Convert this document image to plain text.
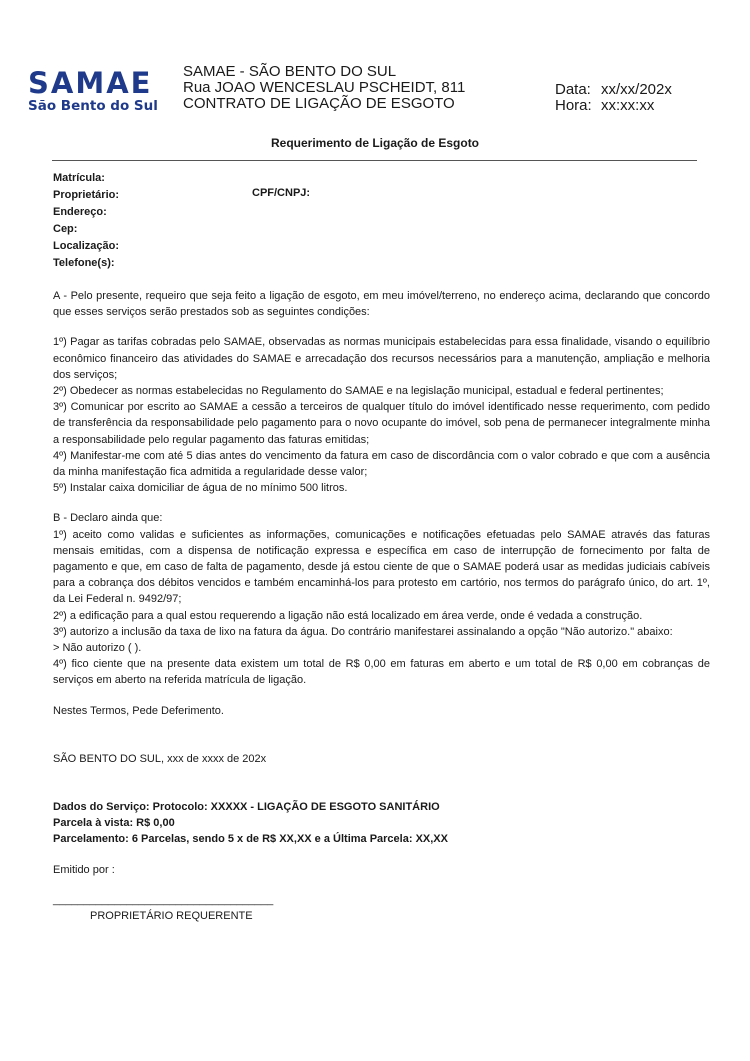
SAMAE
São Bento do Sul
SAMAE - SÃO BENTO DO SUL
Rua JOAO WENCESLAU PSCHEIDT, 811
CONTRATO DE LIGAÇÃO DE ESGOTO
Data: xx/xx/202x
Hora: xx:xx:xx
Requerimento de Ligação de Esgoto
Matrícula:
Proprietário:
Endereço:
Cep:
Localização:
Telefone(s):
CPF/CNPJ:

A - Pelo presente, requeiro que seja feito a ligação de esgoto, em meu imóvel/terreno, no endereço acima, declarando que concordo que esses serviços serão prestados sob as seguintes condições:

1º) Pagar as tarifas cobradas pelo SAMAE, observadas as normas municipais estabelecidas para essa finalidade, visando o equilíbrio econômico financeiro das atividades do SAMAE e arrecadação dos recursos necessários para a manutenção, ampliação e melhoria dos serviços;

2º) Obedecer as normas estabelecidas no Regulamento do SAMAE e na legislação municipal, estadual e federal pertinentes;

3º) Comunicar por escrito ao SAMAE a cessão a terceiros de qualquer título do imóvel identificado nesse requerimento, com pedido de transferência da responsabilidade pelo pagamento para o novo ocupante do imóvel, sob pena de permanecer integralmente minha a responsabilidade pelo regular pagamento das faturas emitidas;

4º) Manifestar-me com até 5 dias antes do vencimento da fatura em caso de discordância com o valor cobrado e que com a ausência da minha manifestação fica admitida a regularidade desse valor;

5º) Instalar caixa domiciliar de água de no mínimo 500 litros.

B - Declaro ainda que:

1º) aceito como validas e suficientes as informações, comunicações e notificações efetuadas pelo SAMAE através das faturas mensais emitidas, com a dispensa de notificação expressa e específica em caso de interrupção de fornecimento por falta de pagamento e que, em caso de falta de pagamento, desde já estou ciente de que o SAMAE poderá usar as medidas judiciais cabíveis para a cobrança dos débitos vencidos e também encaminhá-los para protesto em cartório, nos termos do parágrafo único, do art. 1º, da Lei Federal n. 9492/97;

2º) a edificação para a qual estou requerendo a ligação não está localizado em área verde, onde é vedada a construção.

3º) autorizo a inclusão da taxa de lixo na fatura da água. Do contrário manifestarei assinalando a opção "Não autorizo." abaixo:

> Não autorizo ( ).

4º) fico ciente que na presente data existem um total de R$ 0,00 em faturas em aberto e um total de R$ 0,00 em cobranças de serviços em aberto na referida matrícula de ligação.

Nestes Termos, Pede Deferimento.

SÃO BENTO DO SUL, xxx de xxxx de 202x

Dados do Serviço: Protocolo: XXXXX - LIGAÇÃO DE ESGOTO SANITÁRIO

Parcela à vista: R$ 0,00

Parcelamento: 6 Parcelas, sendo 5 x de R$ XX,XX e a Última Parcela: XX,XX

Emitido por :

____________________________________

PROPRIETÁRIO REQUERENTE
